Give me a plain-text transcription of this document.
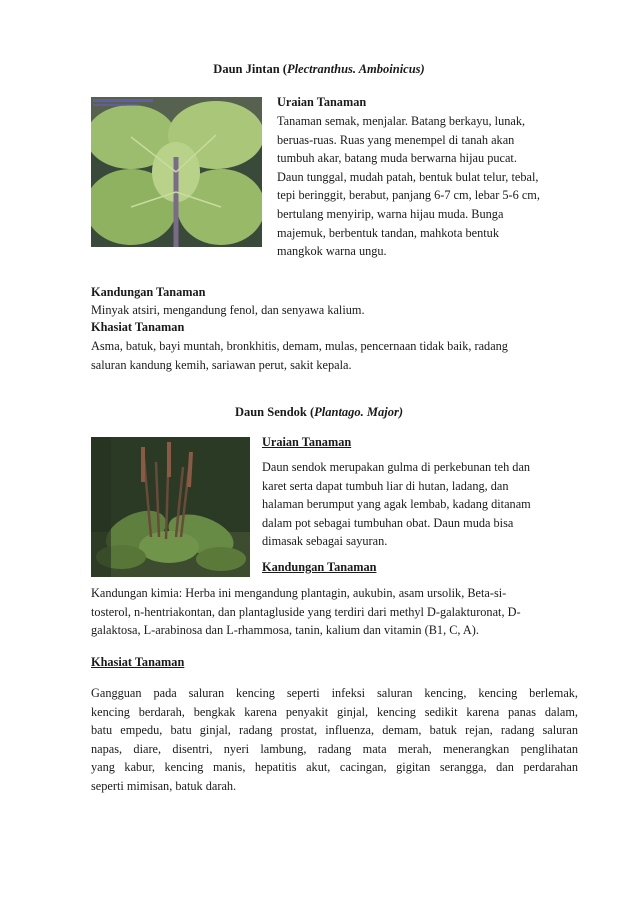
Daun Jintan (Plectranthus. Amboinicus)
Uraian Tanaman
Tanaman semak, menjalar. Batang berkayu, lunak,
beruas-ruas. Ruas yang menempel di tanah akan
tumbuh akar, batang muda berwarna hijau pucat.
Daun tunggal, mudah patah, bentuk bulat telur, tebal,
tepi beringgit, berabut, panjang 6-7 cm, lebar 5-6 cm,
bertulang menyirip, warna hijau muda. Bunga
majemuk, berbentuk tandan, mahkota bentuk
mangkok warna ungu.
Kandungan Tanaman
Minyak atsiri, mengandung fenol, dan senyawa kalium.
Khasiat Tanaman
Asma, batuk, bayi muntah, bronkhitis, demam, mulas, pencernaan tidak baik, radang
saluran kandung kemih, sariawan perut, sakit kepala.
Daun Sendok (Plantago. Major)
Uraian Tanaman
Daun sendok merupakan gulma di perkebunan teh dan
karet serta dapat tumbuh liar di hutan, ladang, dan
halaman berumput yang agak lembab, kadang ditanam
dalam pot sebagai tumbuhan obat. Daun muda bisa
dimasak sebagai sayuran.
Kandungan Tanaman
Kandungan kimia: Herba ini mengandung plantagin, aukubin, asam ursolik, Beta-si-
tosterol, n-hentriakontan, dan plantagluside yang terdiri dari methyl D-galakturonat, D-
galaktosa, L-arabinosa dan L-rhammosa, tanin, kalium dan vitamin (B1, C, A).
Khasiat Tanaman
Gangguan pada saluran kencing seperti infeksi saluran kencing, kencing berlemak,
kencing berdarah, bengkak karena penyakit ginjal, kencing sedikit karena panas dalam,
batu empedu, batu ginjal, radang prostat, influenza, demam, batuk rejan, radang saluran
napas, diare, disentri, nyeri lambung, radang mata merah, menerangkan penglihatan
yang kabur, kencing manis, hepatitis akut, cacingan, gigitan serangga, dan perdarahan
seperti mimisan, batuk darah.
